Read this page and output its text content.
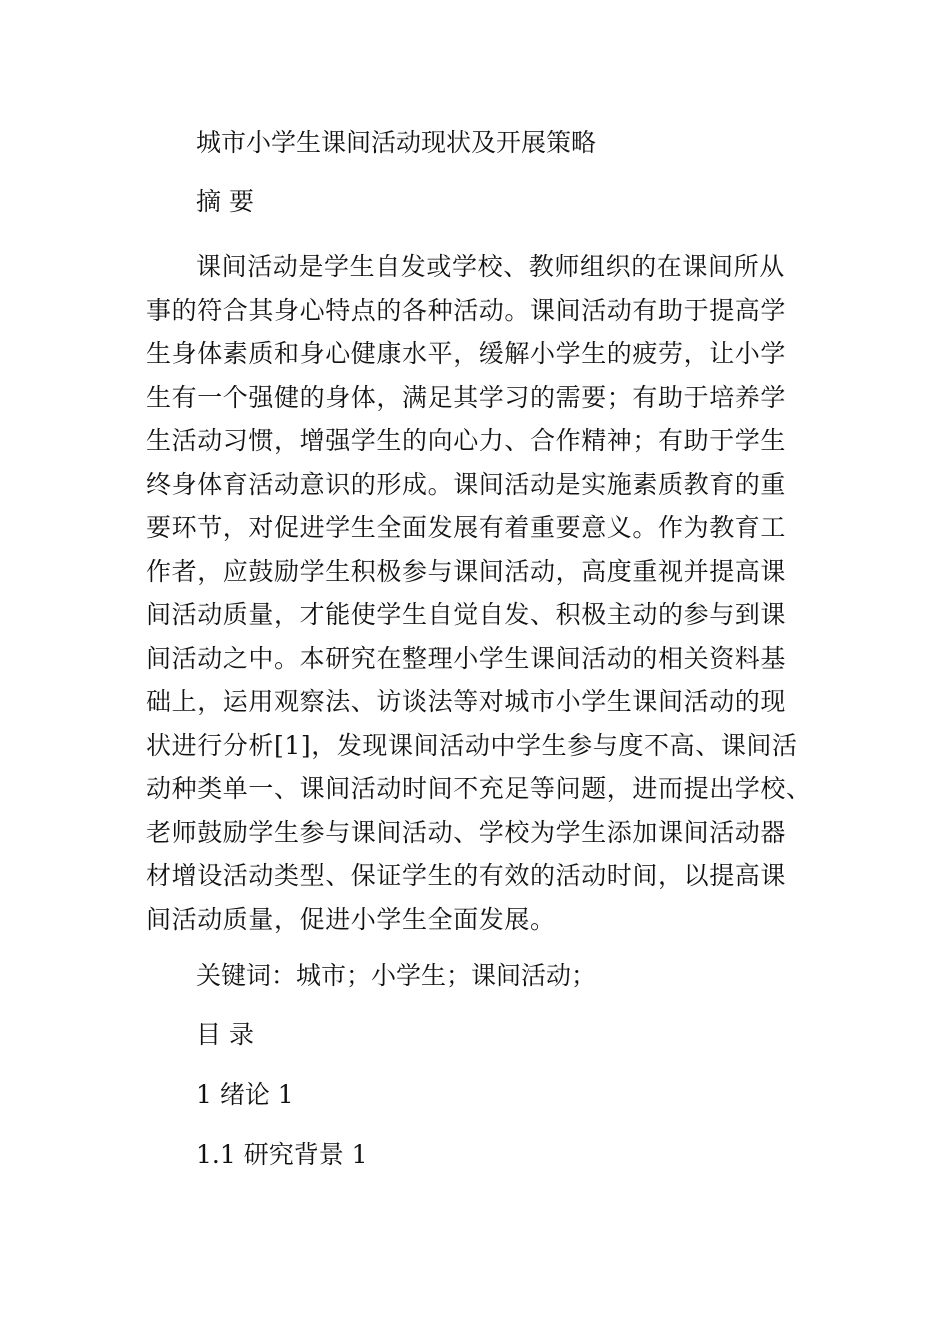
城市小学生课间活动现状及开展策略

摘 要

课间活动是学生自发或学校、教师组织的在课间所从
事的符合其身心特点的各种活动。课间活动有助于提高学
生身体素质和身心健康水平，缓解小学生的疲劳，让小学
生有一个强健的身体，满足其学习的需要；有助于培养学
生活动习惯，增强学生的向心力、合作精神；有助于学生
终身体育活动意识的形成。课间活动是实施素质教育的重
要环节，对促进学生全面发展有着重要意义。作为教育工
作者，应鼓励学生积极参与课间活动，高度重视并提高课
间活动质量，才能使学生自觉自发、积极主动的参与到课
间活动之中。本研究在整理小学生课间活动的相关资料基
础上，运用观察法、访谈法等对城市小学生课间活动的现
状进行分析[1]，发现课间活动中学生参与度不高、课间活
动种类单一、课间活动时间不充足等问题，进而提出学校、
老师鼓励学生参与课间活动、学校为学生添加课间活动器
材增设活动类型、保证学生的有效的活动时间，以提高课
间活动质量，促进小学生全面发展。

关键词：城市；小学生；课间活动；

目 录

1 绪论 1

1.1 研究背景 1
